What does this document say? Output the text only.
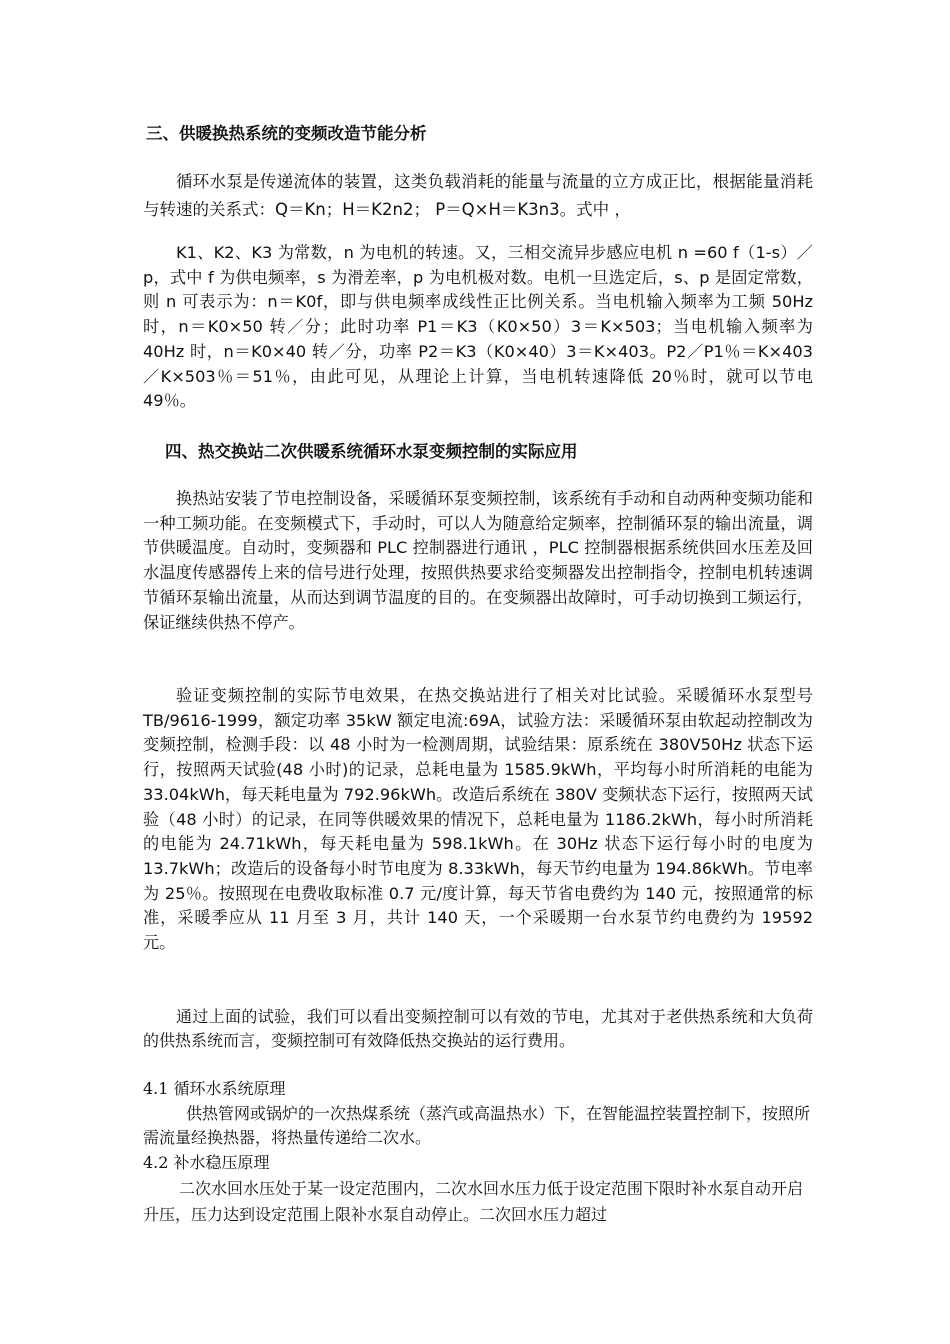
三、供暖换热系统的变频改造节能分析

循环水泵是传递流体的装置，这类负载消耗的能量与流量的立方成正比，根据能量消耗与转速的关系式：Q＝Kn；H＝K2n2； P＝Q×H＝K3n3。式中 ，

K1、K2、K3 为常数，n 为电机的转速。又，三相交流异步感应电机 n =60 f（1-s）／p，式中 f 为供电频率，s 为滑差率，p 为电机极对数。电机一旦选定后，s、p 是固定常数，则 n 可表示为：n＝K0f，即与供电频率成线性正比例关系。当电机输入频率为工频 50Hz 时，n＝K0×50 转／分；此时功率 P1＝K3（K0×50）3＝K×503；当电机输入频率为 40Hz 时，n＝K0×40 转／分，功率 P2＝K3（K0×40）3＝K×403。P2／P1％＝K×403／K×503％＝51％，由此可见，从理论上计算，当电机转速降低 20％时，就可以节电 49％。

四、热交换站二次供暖系统循环水泵变频控制的实际应用

换热站安装了节电控制设备，采暖循环泵变频控制，该系统有手动和自动两种变频功能和一种工频功能。在变频模式下，手动时，可以人为随意给定频率，控制循环泵的输出流量，调节供暖温度。自动时，变频器和 PLC 控制器进行通讯 ，PLC 控制器根据系统供回水压差及回水温度传感器传上来的信号进行处理，按照供热要求给变频器发出控制指令，控制电机转速调节循环泵输出流量，从而达到调节温度的目的。在变频器出故障时，可手动切换到工频运行，保证继续供热不停产。

验证变频控制的实际节电效果，在热交换站进行了相关对比试验。采暖循环水泵型号 TB/9616-1999，额定功率 35kW 额定电流:69A，试验方法：采暖循环泵由软起动控制改为变频控制，检测手段：以 48 小时为一检测周期，试验结果：原系统在 380V50Hz 状态下运行，按照两天试验(48 小时)的记录，总耗电量为 1585.9kWh，平均每小时所消耗的电能为 33.04kWh，每天耗电量为 792.96kWh。改造后系统在 380V 变频状态下运行，按照两天试验（48 小时）的记录，在同等供暖效果的情况下，总耗电量为 1186.2kWh，每小时所消耗的电能为 24.71kWh，每天耗电量为 598.1kWh。在 30Hz 状态下运行每小时的电度为 13.7kWh；改造后的设备每小时节电度为 8.33kWh，每天节约电量为 194.86kWh。节电率为 25％。按照现在电费收取标准 0.7 元/度计算，每天节省电费约为 140 元，按照通常的标准，采暖季应从 11 月至 3 月，共计 140 天，一个采暖期一台水泵节约电费约为 19592 元。

通过上面的试验，我们可以看出变频控制可以有效的节电，尤其对于老供热系统和大负荷的供热系统而言，变频控制可有效降低热交换站的运行费用。

4.1 循环水系统原理

供热管网或锅炉的一次热煤系统（蒸汽或高温热水）下，在智能温控装置控制下，按照所需流量经换热器，将热量传递给二次水。

4.2 补水稳压原理

二次水回水压处于某一设定范围内，二次水回水压力低于设定范围下限时补水泵自动开启升压，压力达到设定范围上限补水泵自动停止。二次回水压力超过
